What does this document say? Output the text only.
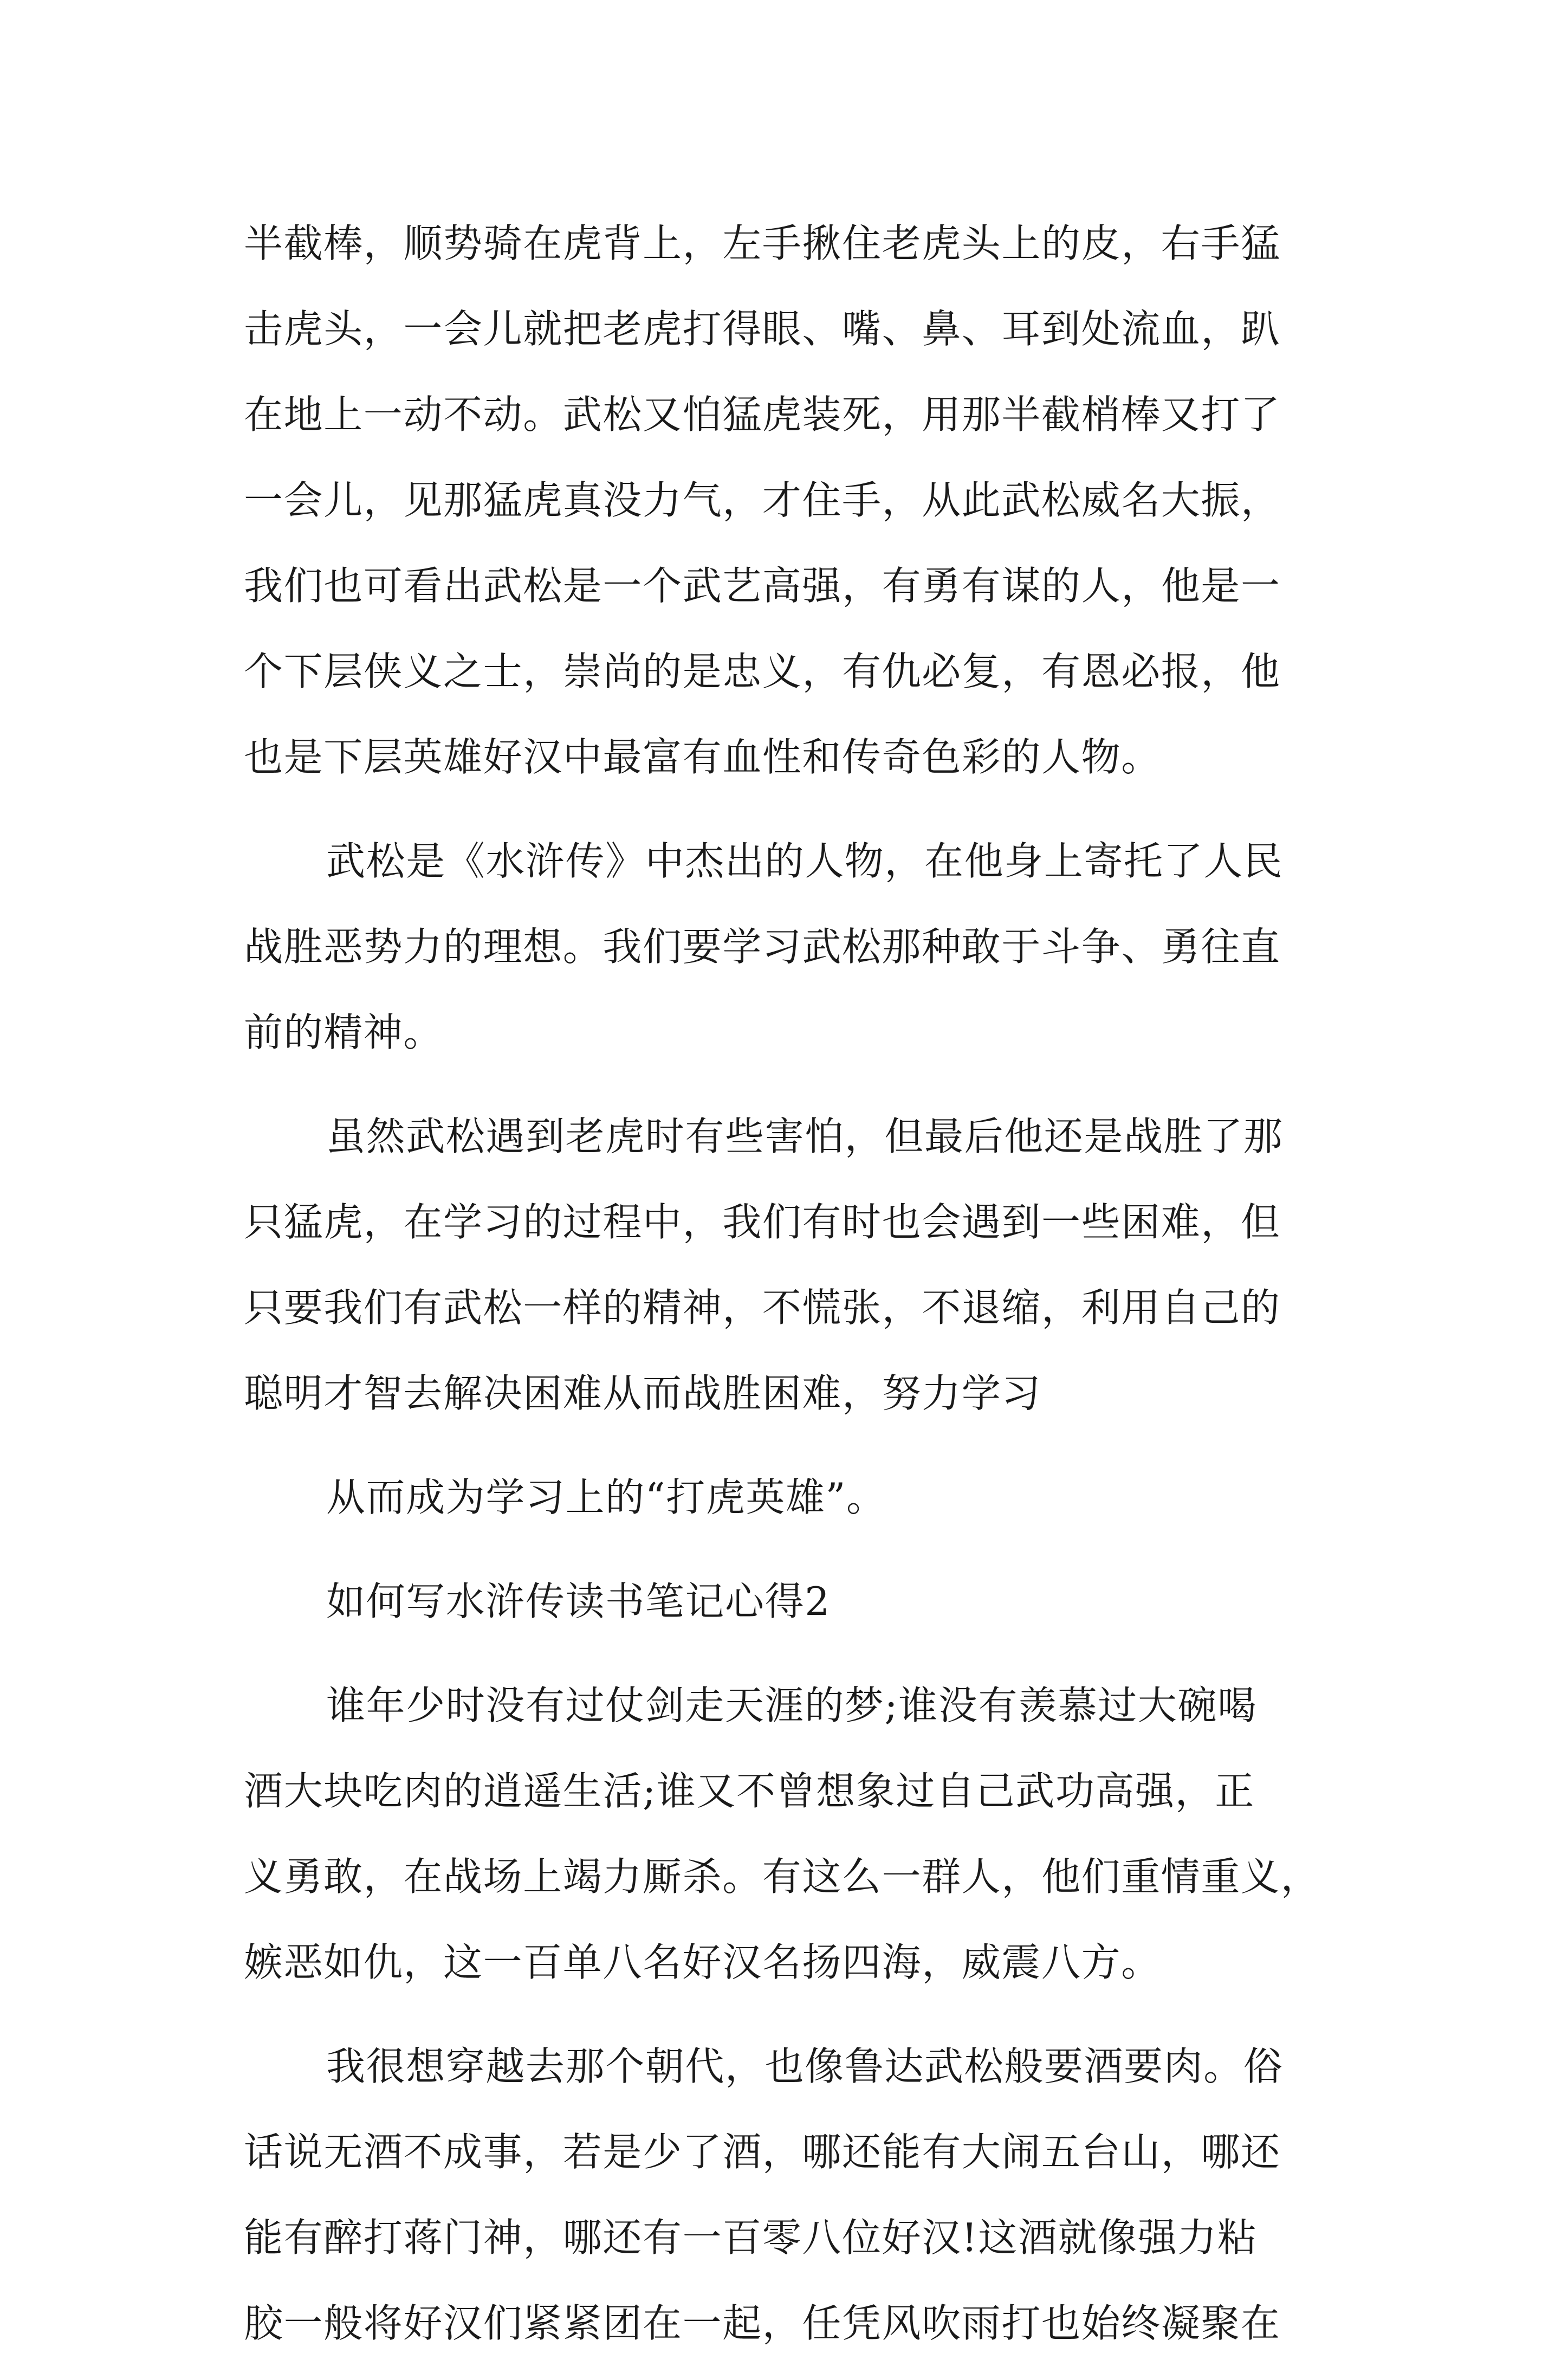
半截棒，顺势骑在虎背上，左手揪住老虎头上的皮，右手猛
击虎头，一会儿就把老虎打得眼、嘴、鼻、耳到处流血，趴
在地上一动不动。武松又怕猛虎装死，用那半截梢棒又打了
一会儿，见那猛虎真没力气，才住手，从此武松威名大振，
我们也可看出武松是一个武艺高强，有勇有谋的人，他是一
个下层侠义之士，崇尚的是忠义，有仇必复，有恩必报，他
也是下层英雄好汉中最富有血性和传奇色彩的人物。
武松是《水浒传》中杰出的人物，在他身上寄托了人民
战胜恶势力的理想。我们要学习武松那种敢于斗争、勇往直
前的精神。
虽然武松遇到老虎时有些害怕，但最后他还是战胜了那
只猛虎，在学习的过程中，我们有时也会遇到一些困难，但
只要我们有武松一样的精神，不慌张，不退缩，利用自己的
聪明才智去解决困难从而战胜困难，努力学习
从而成为学习上的“打虎英雄”。
如何写水浒传读书笔记心得2
谁年少时没有过仗剑走天涯的梦;谁没有羡慕过大碗喝
酒大块吃肉的逍遥生活;谁又不曾想象过自己武功高强，正
义勇敢，在战场上竭力厮杀。有这么一群人，他们重情重义，
嫉恶如仇，这一百单八名好汉名扬四海，威震八方。
我很想穿越去那个朝代，也像鲁达武松般要酒要肉。俗
话说无酒不成事，若是少了酒，哪还能有大闹五台山，哪还
能有醉打蒋门神，哪还有一百零八位好汉!这酒就像强力粘
胶一般将好汉们紧紧团在一起，任凭风吹雨打也始终凝聚在
